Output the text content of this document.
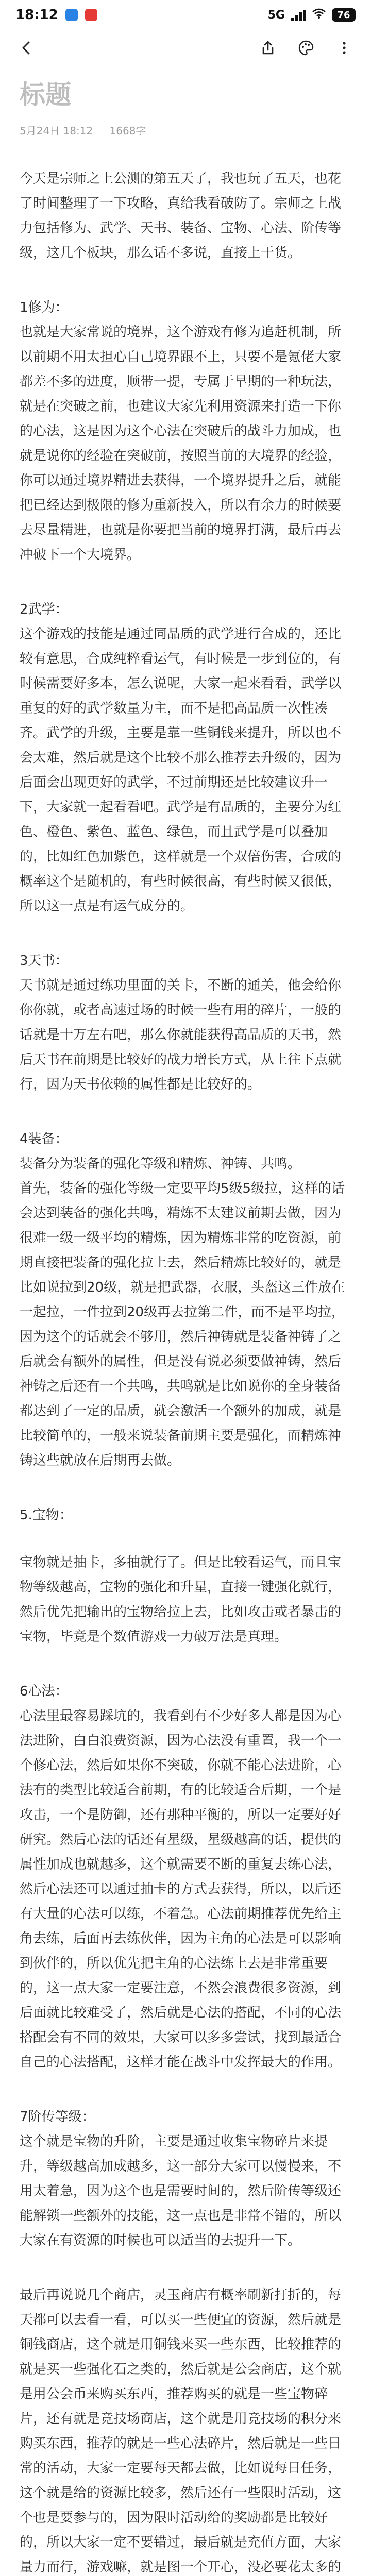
18:12	5G	76
标题
5月24日 18:12 1668字

今天是宗师之上公测的第五天了，我也玩了五天，也花了时间整理了一下攻略，真给我看破防了。宗师之上战力包括修为、武学、天书、装备、宝物、心法、阶传等级，这几个板块，那么话不多说，直接上干货。

1修为：
也就是大家常说的境界，这个游戏有修为追赶机制，所以前期不用太担心自己境界跟不上，只要不是氪佬大家都差不多的进度，顺带一提，专属于早期的一种玩法，就是在突破之前，也建议大家先利用资源来打造一下你的心法，这是因为这个心法在突破后的战斗力加成，也就是说你的经验在突破前，按照当前的大境界的经验，你可以通过境界精进去获得，一个境界提升之后，就能把已经达到极限的修为重新投入，所以有余力的时候要去尽量精进，也就是你要把当前的境界打满，最后再去冲破下一个大境界。

2武学：
这个游戏的技能是通过同品质的武学进行合成的，还比较有意思，合成纯粹看运气，有时候是一步到位的，有时候需要好多本，怎么说呢，大家一起来看看，武学以重复的好的武学数量为主，而不是把高品质一次性凑齐。武学的升级，主要是靠一些铜钱来提升，所以也不会太难，然后就是这个比较不那么推荐去升级的，因为后面会出现更好的武学，不过前期还是比较建议升一下，大家就一起看看吧。武学是有品质的，主要分为红色、橙色、紫色、蓝色、绿色，而且武学是可以叠加的，比如红色加紫色，这样就是一个双倍伤害，合成的概率这个是随机的，有些时候很高，有些时候又很低，所以这一点是有运气成分的。

3天书：
天书就是通过练功里面的关卡，不断的通关，他会给你你你就，或者高速过场的时候一些有用的碎片，一般的话就是十万左右吧，那么你就能获得高品质的天书，然后天书在前期是比较好的战力增长方式，从上往下点就行，因为天书依赖的属性都是比较好的。

4装备：
装备分为装备的强化等级和精炼、神铸、共鸣。
首先，装备的强化等级一定要平均5级5级拉，这样的话会达到装备的强化共鸣，精炼不太建议前期去做，因为很难一级一级平均的精炼，因为精炼非常的吃资源，前期直接把装备的强化拉上去，然后精炼比较好的，就是比如说拉到20级，就是把武器，衣服，头盔这三件放在一起拉，一件拉到20级再去拉第二件，而不是平均拉，因为这个的话就会不够用，然后神铸就是装备神铸了之后就会有额外的属性，但是没有说必须要做神铸，然后神铸之后还有一个共鸣，共鸣就是比如说你的全身装备都达到了一定的品质，就会激活一个额外的加成，就是比较简单的，一般来说装备前期主要是强化，而精炼神铸这些就放在后期再去做。

5.宝物：

宝物就是抽卡，多抽就行了。但是比较看运气，而且宝物等级越高，宝物的强化和升星，直接一键强化就行，然后优先把输出的宝物给拉上去，比如攻击或者暴击的宝物，毕竟是个数值游戏一力破万法是真理。

6心法：
心法里最容易踩坑的，我看到有不少好多人都是因为心法进阶，白白浪费资源，因为心法没有重置，我一个一个修心法，然后如果你不突破，你就不能心法进阶，心法有的类型比较适合前期，有的比较适合后期，一个是攻击，一个是防御，还有那种平衡的，所以一定要好好研究。然后心法的话还有星级，星级越高的话，提供的属性加成也就越多，这个就需要不断的重复去练心法，然后心法还可以通过抽卡的方式去获得，所以，以后还有大量的心法可以练，不着急。心法前期推荐优先给主角去练，后面再去练伙伴，因为主角的心法是可以影响到伙伴的，所以优先把主角的心法练上去是非常重要的，这一点大家一定要注意，不然会浪费很多资源，到后面就比较难受了，然后就是心法的搭配，不同的心法搭配会有不同的效果，大家可以多多尝试，找到最适合自己的心法搭配，这样才能在战斗中发挥最大的作用。

7阶传等级：
这个就是宝物的升阶，主要是通过收集宝物碎片来提升，等级越高加成越多，这一部分大家可以慢慢来，不用太着急，因为这个也是需要时间的，然后阶传等级还能解锁一些额外的技能，这一点也是非常不错的，所以大家在有资源的时候也可以适当的去提升一下。

最后再说说几个商店，灵玉商店有概率刷新打折的，每天都可以去看一看，可以买一些便宜的资源，然后就是铜钱商店，这个就是用铜钱来买一些东西，比较推荐的就是买一些强化石之类的，然后就是公会商店，这个就是用公会币来购买东西，推荐购买的就是一些宝物碎片，还有就是竞技场商店，这个就是用竞技场的积分来购买东西，推荐的就是一些心法碎片，然后就是一些日常的活动，大家一定要每天都去做，比如说每日任务，这个就是给的资源比较多，然后还有一些限时活动，这个也是要参与的，因为限时活动给的奖励都是比较好的，所以大家一定不要错过，最后就是充值方面，大家量力而行，游戏嘛，就是图一个开心，没必要花太多的
